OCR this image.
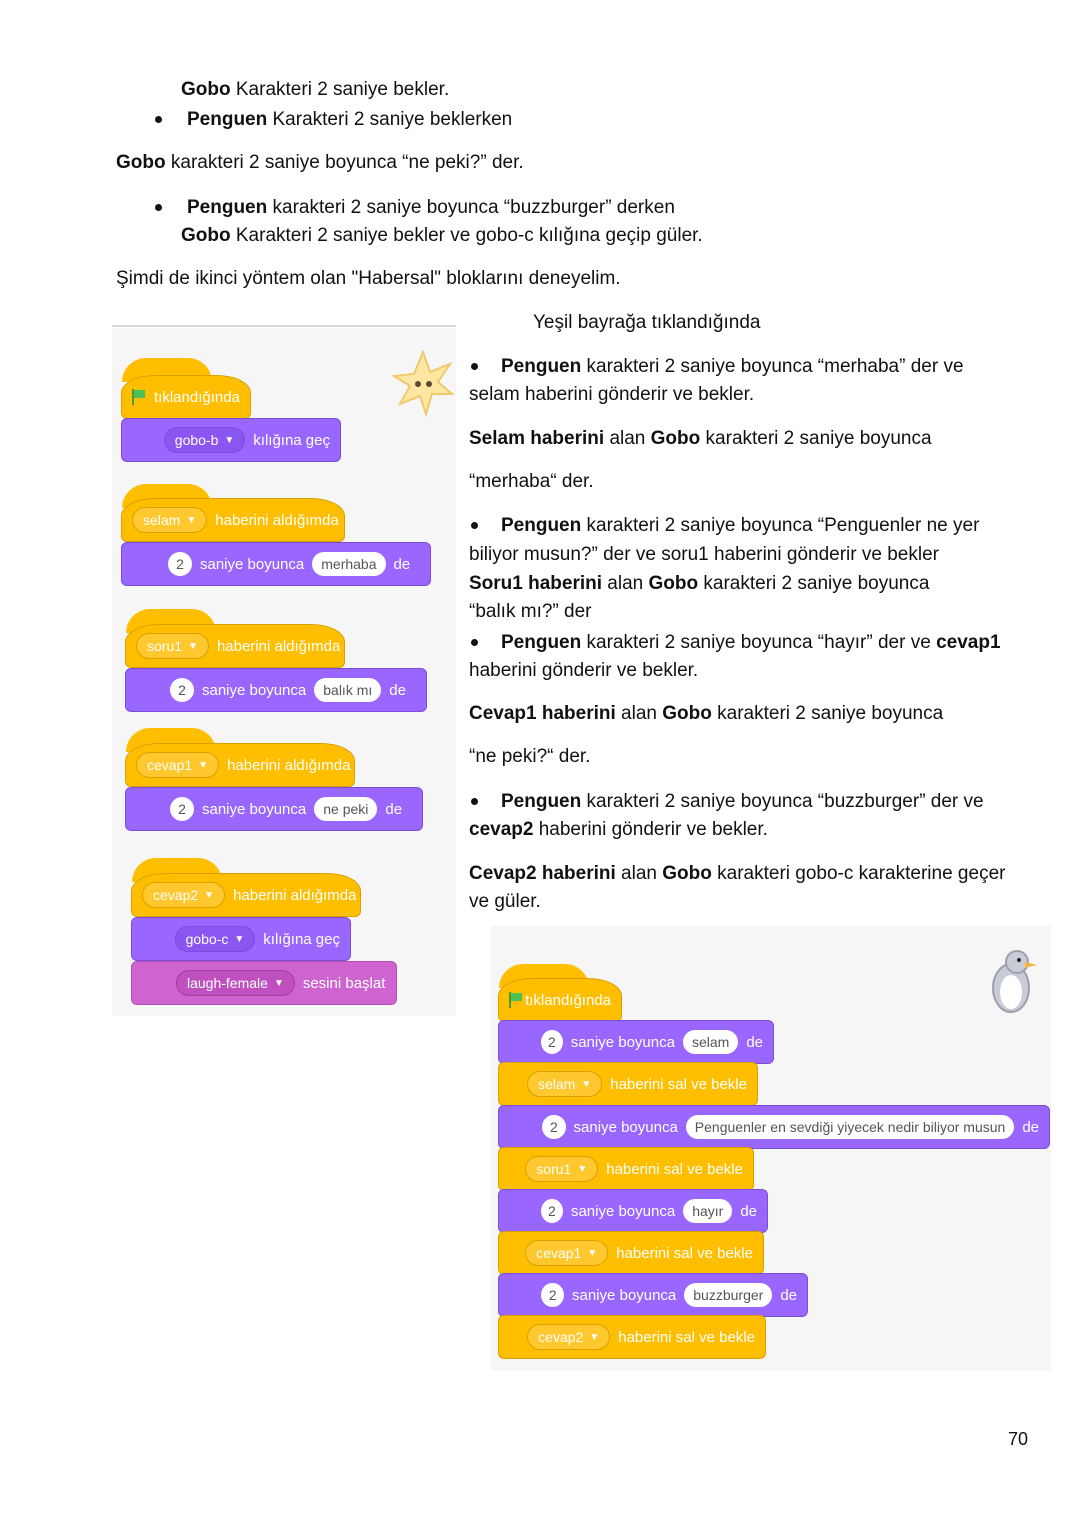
Gobo Karakteri 2 saniye bekler.
Penguen Karakteri 2 saniye beklerken
Gobo karakteri 2 saniye boyunca “ne peki?” der.
Penguen karakteri 2 saniye boyunca “buzzburger” derken
Gobo Karakteri 2 saniye bekler ve gobo-c kılığına geçip güler.
Şimdi de ikinci yöntem olan "Habersal" bloklarını deneyelim.
Yeşil bayrağa tıklandığında
Penguen karakteri 2 saniye boyunca “merhaba” der ve
selam haberini gönderir ve bekler.
Selam haberini alan Gobo karakteri 2 saniye boyunca
“merhaba“ der.
Penguen karakteri 2 saniye boyunca “Penguenler ne yer
biliyor musun?” der ve soru1 haberini gönderir ve bekler
Soru1 haberini alan Gobo karakteri 2 saniye boyunca
“balık mı?” der
Penguen karakteri 2 saniye boyunca “hayır” der ve cevap1
haberini gönderir ve bekler.
Cevap1 haberini alan Gobo karakteri 2 saniye boyunca
“ne peki?“ der.
Penguen karakteri 2 saniye boyunca “buzzburger” der ve
cevap2 haberini gönderir ve bekler.
Cevap2 haberini alan Gobo karakteri gobo-c karakterine geçer
ve güler.
tıklandığında
gobo-b ▼ kılığına geç
selam ▼ haberini aldığımda
2	saniye boyunca	merhaba	de
soru1 ▼ haberini aldığımda
2	saniye boyunca	balık mı	de
cevap1 ▼ haberini aldığımda
2	saniye boyunca	ne peki	de
cevap2 ▼ haberini aldığımda
gobo-c ▼ kılığına geç
laugh-female ▼ sesini başlat
tıklandığında
2	saniye boyunca	selam	de
selam ▼ haberini sal ve bekle
2	saniye boyunca	Penguenler en sevdiği yiyecek nedir biliyor musun	de
soru1 ▼ haberini sal ve bekle
2	saniye boyunca	hayır	de
cevap1 ▼ haberini sal ve bekle
2	saniye boyunca	buzzburger	de
cevap2 ▼ haberini sal ve bekle
70
